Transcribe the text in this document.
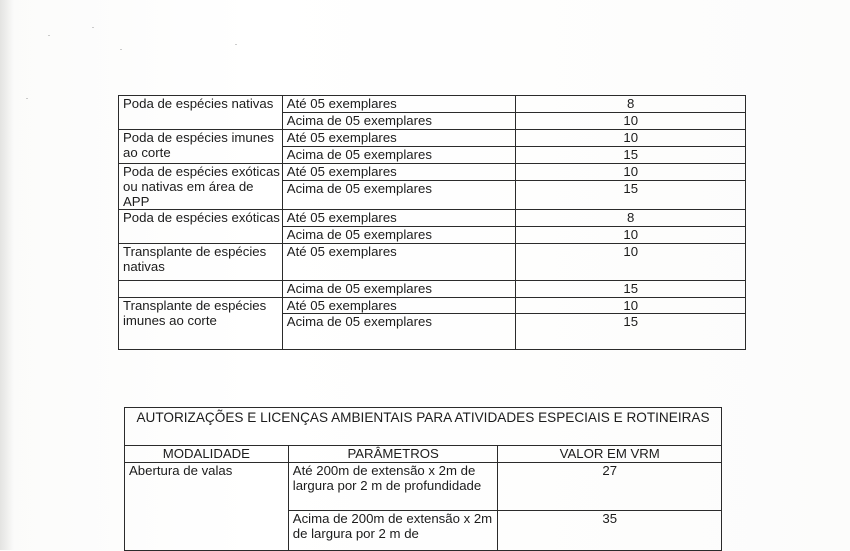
Poda de espécies nativas	Até 05 exemplares	8
	Acima de 05 exemplares	10
Poda de espécies imunes ao corte	Até 05 exemplares	10
	Acima de 05 exemplares	15
Poda de espécies exóticas ou nativas em área de APP	Até 05 exemplares	10
	Acima de 05 exemplares	15
Poda de espécies exóticas	Até 05 exemplares	8
	Acima de 05 exemplares	10
Transplante de espécies nativas	Até 05 exemplares	10
	Acima de 05 exemplares	15
Transplante de espécies imunes ao corte	Até 05 exemplares	10
	Acima de 05 exemplares	15
AUTORIZAÇÕES E LICENÇAS AMBIENTAIS PARA ATIVIDADES ESPECIAIS E ROTINEIRAS		
MODALIDADE	PARÂMETROS	VALOR EM VRM
Abertura de valas	Até 200m de extensão x 2m de largura por 2 m de profundidade	27
	Acima de 200m de extensão x 2m de largura por 2 m de	35
